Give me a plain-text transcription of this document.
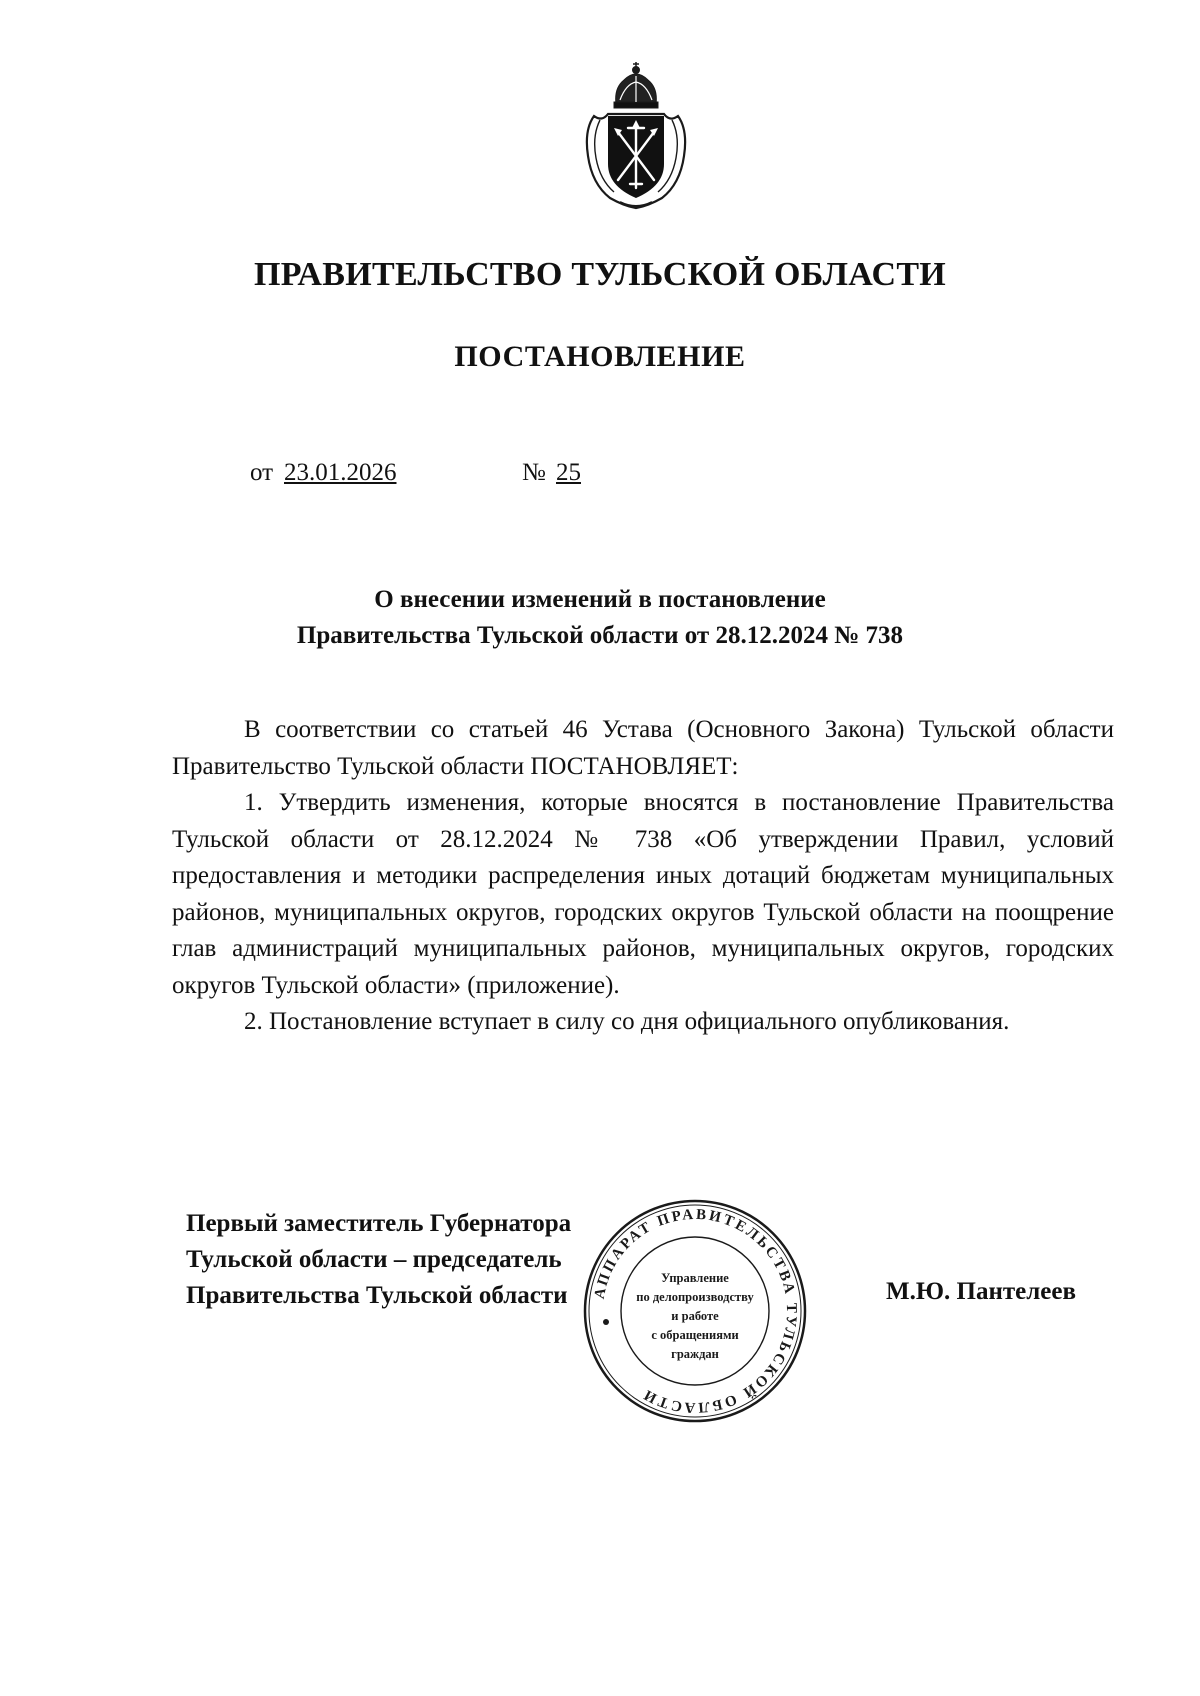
ПРАВИТЕЛЬСТВО ТУЛЬСКОЙ ОБЛАСТИ
ПОСТАНОВЛЕНИЕ
от 23.01.2026	№ 25
О внесении изменений в постановление
Правительства Тульской области от 28.12.2024 № 738

В соответствии со статьей 46 Устава (Основного Закона) Тульской области Правительство Тульской области ПОСТАНОВЛЯЕТ:

1. Утвердить изменения, которые вносятся в постановление Правительства Тульской области от 28.12.2024 № 738 «Об утверждении Правил, условий предоставления и методики распределения иных дотаций бюджетам муниципальных районов, муниципальных округов, городских округов Тульской области на поощрение глав администраций муниципальных районов, муниципальных округов, городских округов Тульской области» (приложение).

2. Постановление вступает в силу со дня официального опубликования.

Первый заместитель Губернатора
Тульской области – председатель
Правительства Тульской области	М.Ю. Пантелеев
АППАРАТ ПРАВИТЕЛЬСТВА ТУЛЬСКОЙ ОБЛАСТИ
Управление
по делопроизводству
и работе
с обращениями
граждан
